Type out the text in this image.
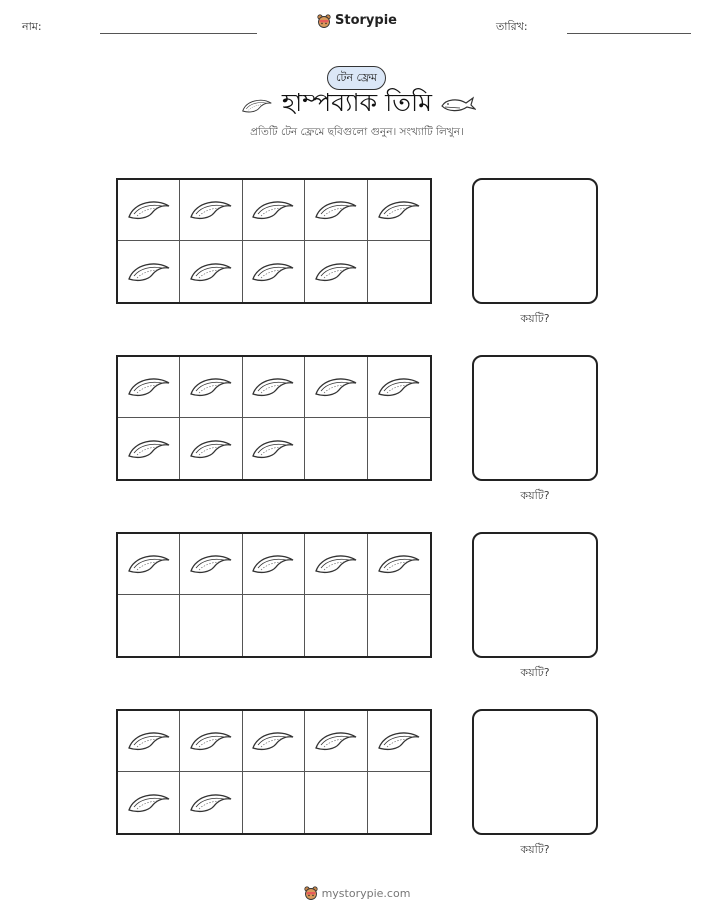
নাম:	Storypie	তারিখ:
টেন ফ্রেম
হাম্পব্যাক তিমি
প্রতিটি টেন ফ্রেমে ছবিগুলো গুনুন। সংখ্যাটি লিখুন।
কয়টি?
কয়টি?
কয়টি?
কয়টি?
mystorypie.com
